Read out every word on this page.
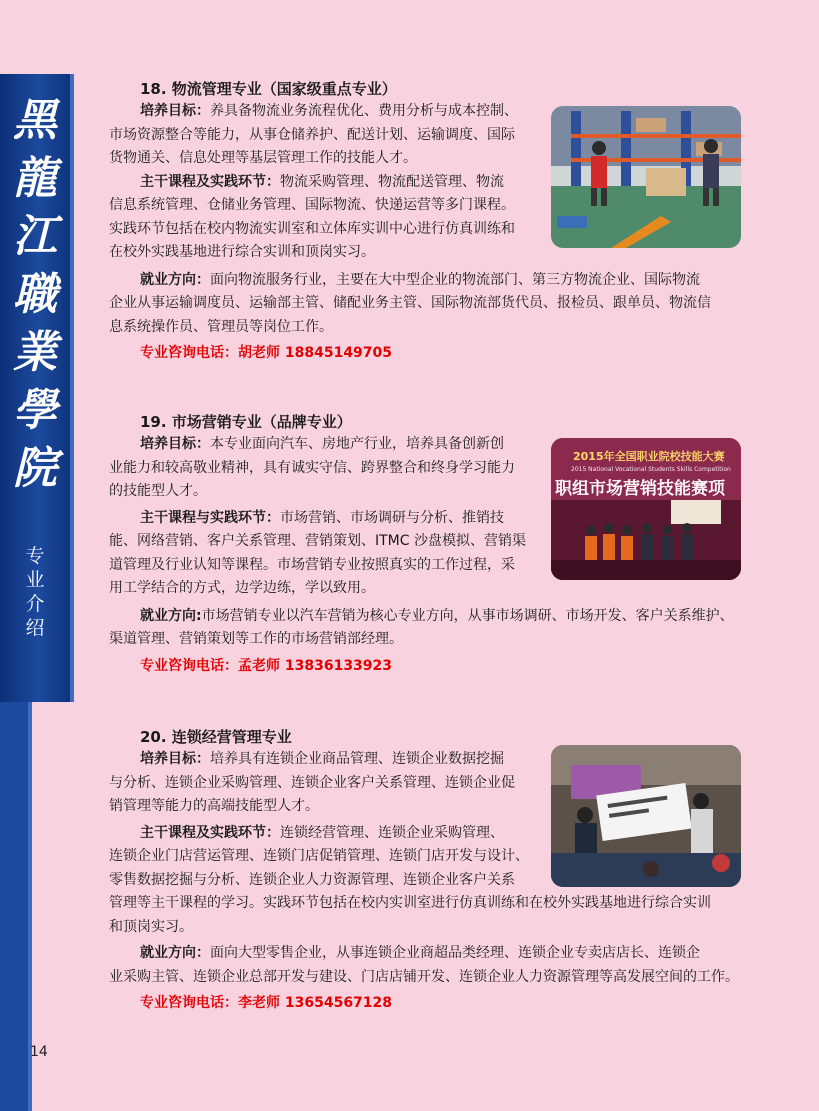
黑
龍
江
職
業
學
院
专
业
介
绍
14
18. 物流管理专业（国家级重点专业）

培养目标：养具备物流业务流程优化、费用分析与成本控制、

市场资源整合等能力，从事仓储养护、配送计划、运输调度、国际

货物通关、信息处理等基层管理工作的技能人才。

主干课程及实践环节：物流采购管理、物流配送管理、物流

信息系统管理、仓储业务管理、国际物流、快递运营等多门课程。

实践环节包括在校内物流实训室和立体库实训中心进行仿真训练和

在校外实践基地进行综合实训和顶岗实习。

就业方向：面向物流服务行业，主要在大中型企业的物流部门、第三方物流企业、国际物流

企业从事运输调度员、运输部主管、储配业务主管、国际物流部货代员、报检员、跟单员、物流信

息系统操作员、管理员等岗位工作。

专业咨询电话：胡老师 18845149705
19. 市场营销专业（品牌专业）

培养目标：本专业面向汽车、房地产行业，培养具备创新创

业能力和较高敬业精神，具有诚实守信、跨界整合和终身学习能力

的技能型人才。

主干课程与实践环节：市场营销、市场调研与分析、推销技

能、网络营销、客户关系管理、营销策划、ITMC 沙盘模拟、营销渠

道管理及行业认知等课程。市场营销专业按照真实的工作过程，采

用工学结合的方式，边学边练，学以致用。

就业方向:市场营销专业以汽车营销为核心专业方向，从事市场调研、市场开发、客户关系维护、

渠道管理、营销策划等工作的市场营销部经理。

专业咨询电话：孟老师 13836133923
2015年全国职业院校技能大赛
2015 National Vocational Students Skills Competition
职组市场营销技能赛项
20. 连锁经营管理专业

培养目标：培养具有连锁企业商品管理、连锁企业数据挖掘

与分析、连锁企业采购管理、连锁企业客户关系管理、连锁企业促

销管理等能力的高端技能型人才。

主干课程及实践环节：连锁经营管理、连锁企业采购管理、

连锁企业门店营运管理、连锁门店促销管理、连锁门店开发与设计、

零售数据挖掘与分析、连锁企业人力资源管理、连锁企业客户关系

管理等主干课程的学习。实践环节包括在校内实训室进行仿真训练和在校外实践基地进行综合实训

和顶岗实习。

就业方向：面向大型零售企业，从事连锁企业商超品类经理、连锁企业专卖店店长、连锁企

业采购主管、连锁企业总部开发与建设、门店店铺开发、连锁企业人力资源管理等高发展空间的工作。

专业咨询电话：李老师 13654567128
